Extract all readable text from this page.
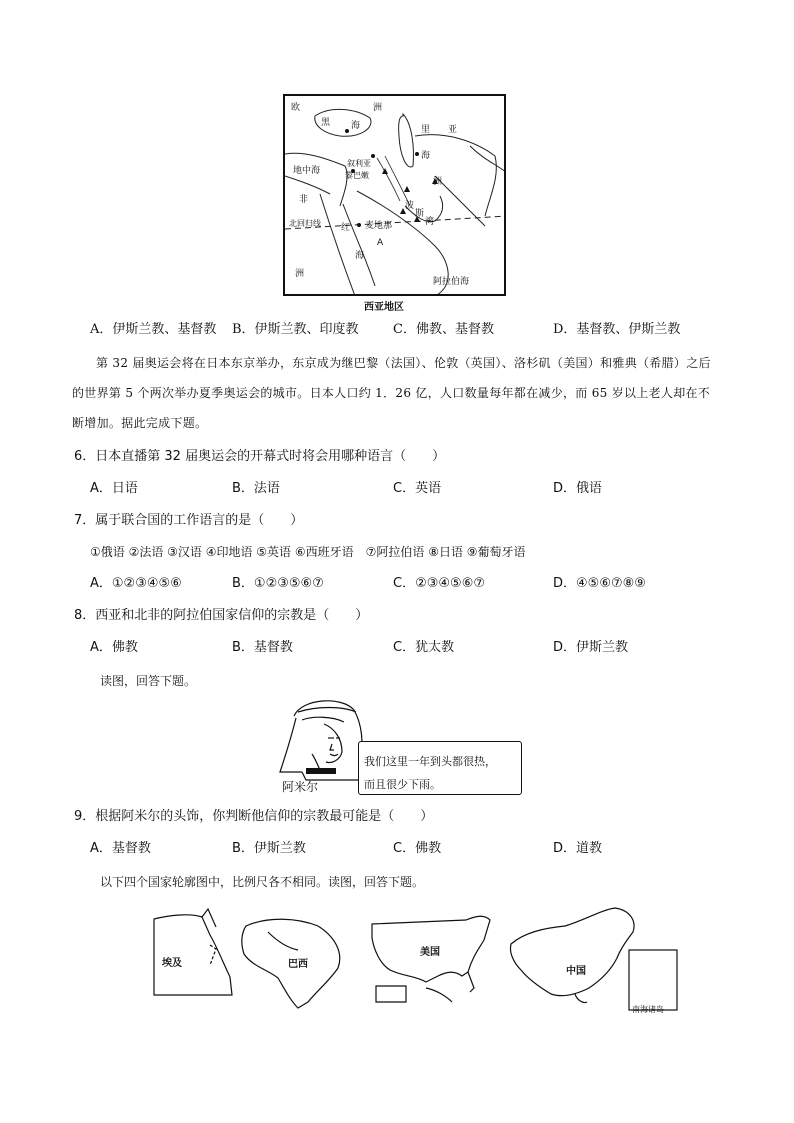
欧	洲
亚
黑 海	里
海
地中海
叙利亚
黎巴嫩
洲
非
北回归线 红
海
麦地那
A
波
斯
湾
洲
阿拉伯海
西亚地区
A．伊斯兰教、基督教 B．伊斯兰教、印度教	C．佛教、基督教	D．基督教、伊斯兰教
第 32 届奥运会将在日本东京举办，东京成为继巴黎（法国）、伦敦（英国）、洛杉矶（美国）和雅典（希腊）之后的世界第 5 个两次举办夏季奥运会的城市。日本人口约 1．26 亿，人口数量每年都在减少，而 65 岁以上老人却在不断增加。据此完成下题。
6．日本直播第 32 届奥运会的开幕式时将会用哪种语言（　　）
A．日语	B．法语	C．英语	D．俄语
7．属于联合国的工作语言的是（　　）
①俄语 ②法语 ③汉语 ④印地语 ⑤英语 ⑥西班牙语　⑦阿拉伯语 ⑧日语 ⑨葡萄牙语
A．①②③④⑤⑥	B．①②③⑤⑥⑦	C．②③④⑤⑥⑦	D．④⑤⑥⑦⑧⑨
8．西亚和北非的阿拉伯国家信仰的宗教是（　　）
A．佛教	B．基督教	C．犹太教	D．伊斯兰教
读图，回答下题。
阿米尔
我们这里一年到头都很热，
而且很少下雨。
9．根据阿米尔的头饰，你判断他信仰的宗教最可能是（　　）
A．基督教	B．伊斯兰教	C．佛教	D．道教
以下四个国家轮廓图中，比例尺各不相同。读图，回答下题。
埃及	巴西
美国
中国
南海诸岛
